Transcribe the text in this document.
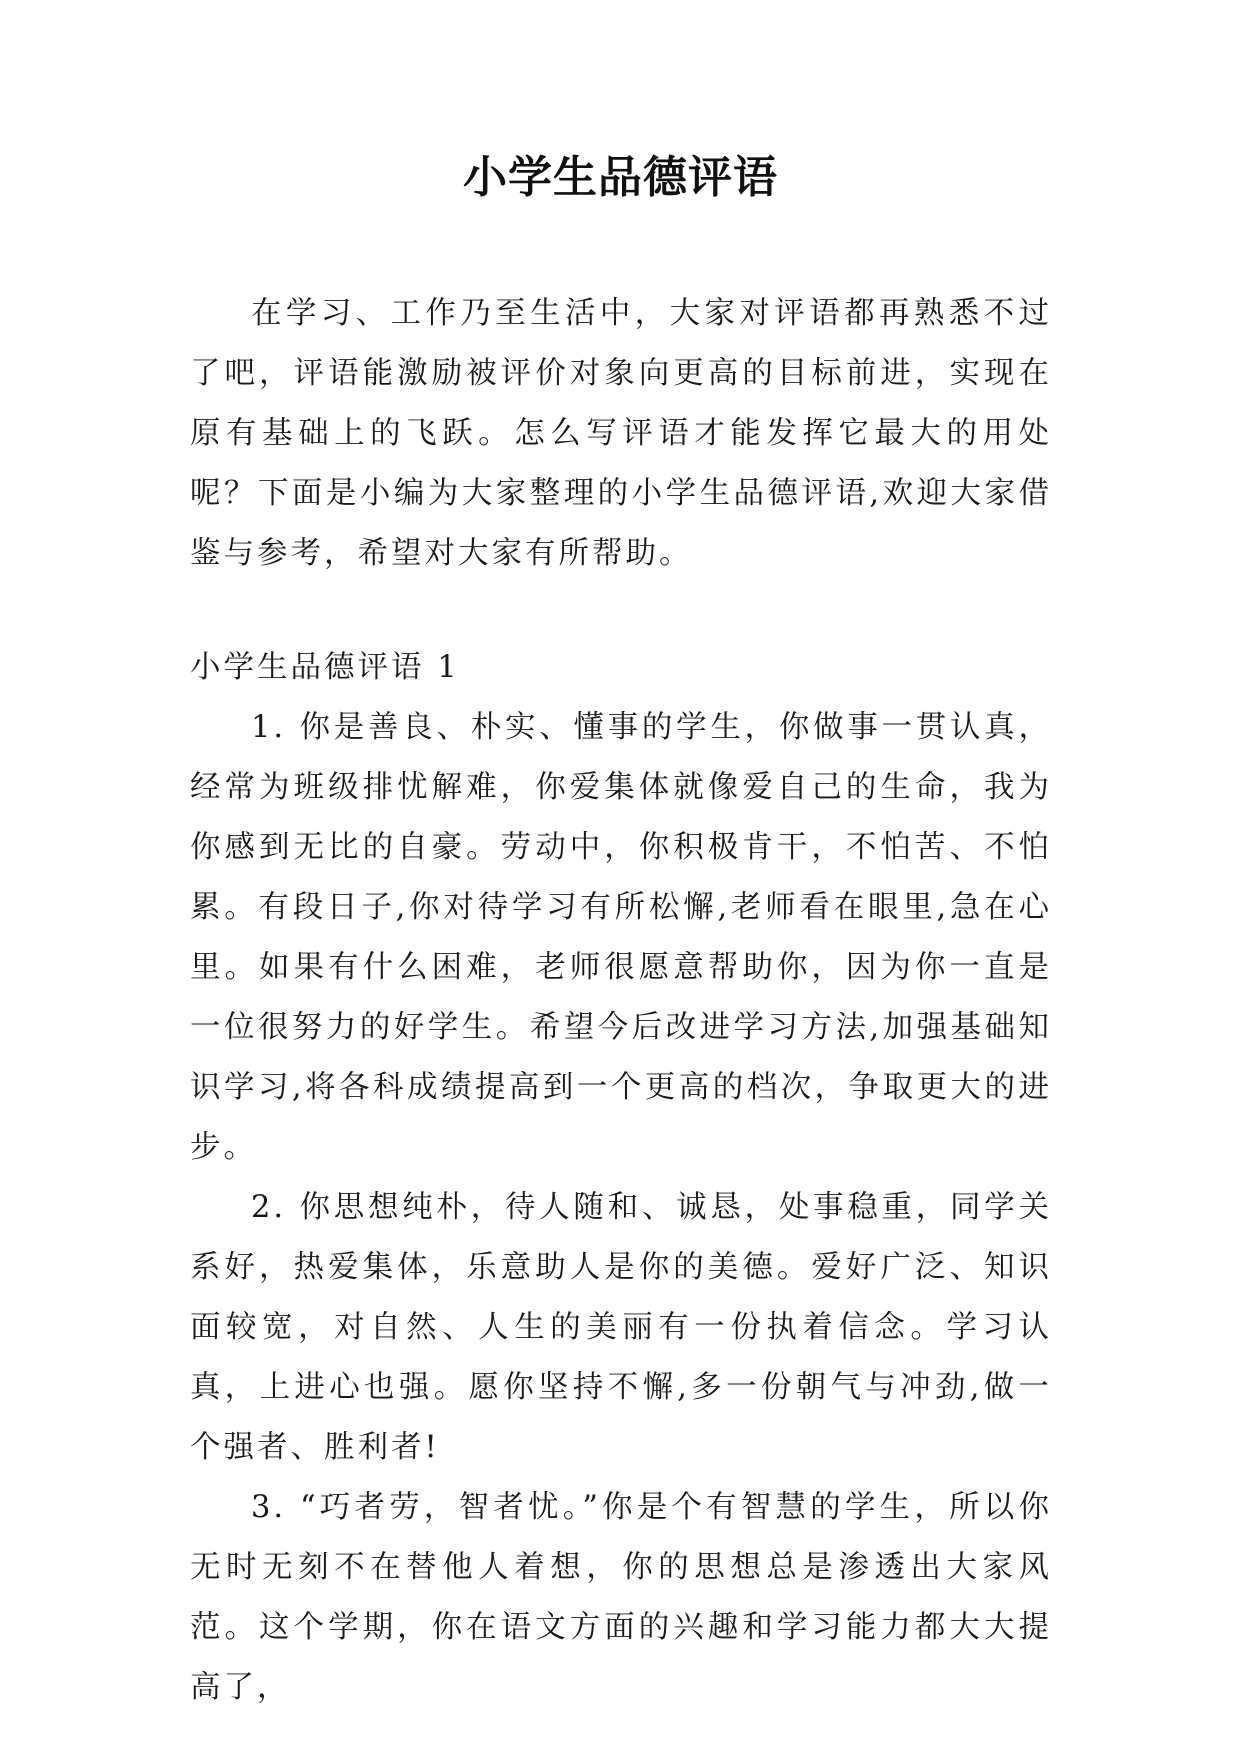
小学生品德评语

在学习、工作乃至生活中，大家对评语都再熟悉不过了吧，评语能激励被评价对象向更高的目标前进，实现在原有基础上的飞跃。怎么写评语才能发挥它最大的用处呢？下面是小编为大家整理的小学生品德评语,欢迎大家借鉴与参考，希望对大家有所帮助。

小学生品德评语 1

1. 你是善良、朴实、懂事的学生，你做事一贯认真，经常为班级排忧解难，你爱集体就像爱自己的生命，我为你感到无比的自豪。劳动中，你积极肯干，不怕苦、不怕累。有段日子,你对待学习有所松懈,老师看在眼里,急在心里。如果有什么困难，老师很愿意帮助你，因为你一直是一位很努力的好学生。希望今后改进学习方法,加强基础知识学习,将各科成绩提高到一个更高的档次，争取更大的进步。

2. 你思想纯朴，待人随和、诚恳，处事稳重，同学关系好，热爱集体，乐意助人是你的美德。爱好广泛、知识面较宽，对自然、人生的美丽有一份执着信念。学习认真，上进心也强。愿你坚持不懈,多一份朝气与冲劲,做一个强者、胜利者!

3. “巧者劳，智者忧。”你是个有智慧的学生，所以你无时无刻不在替他人着想，你的思想总是渗透出大家风范。这个学期，你在语文方面的兴趣和学习能力都大大提高了，
